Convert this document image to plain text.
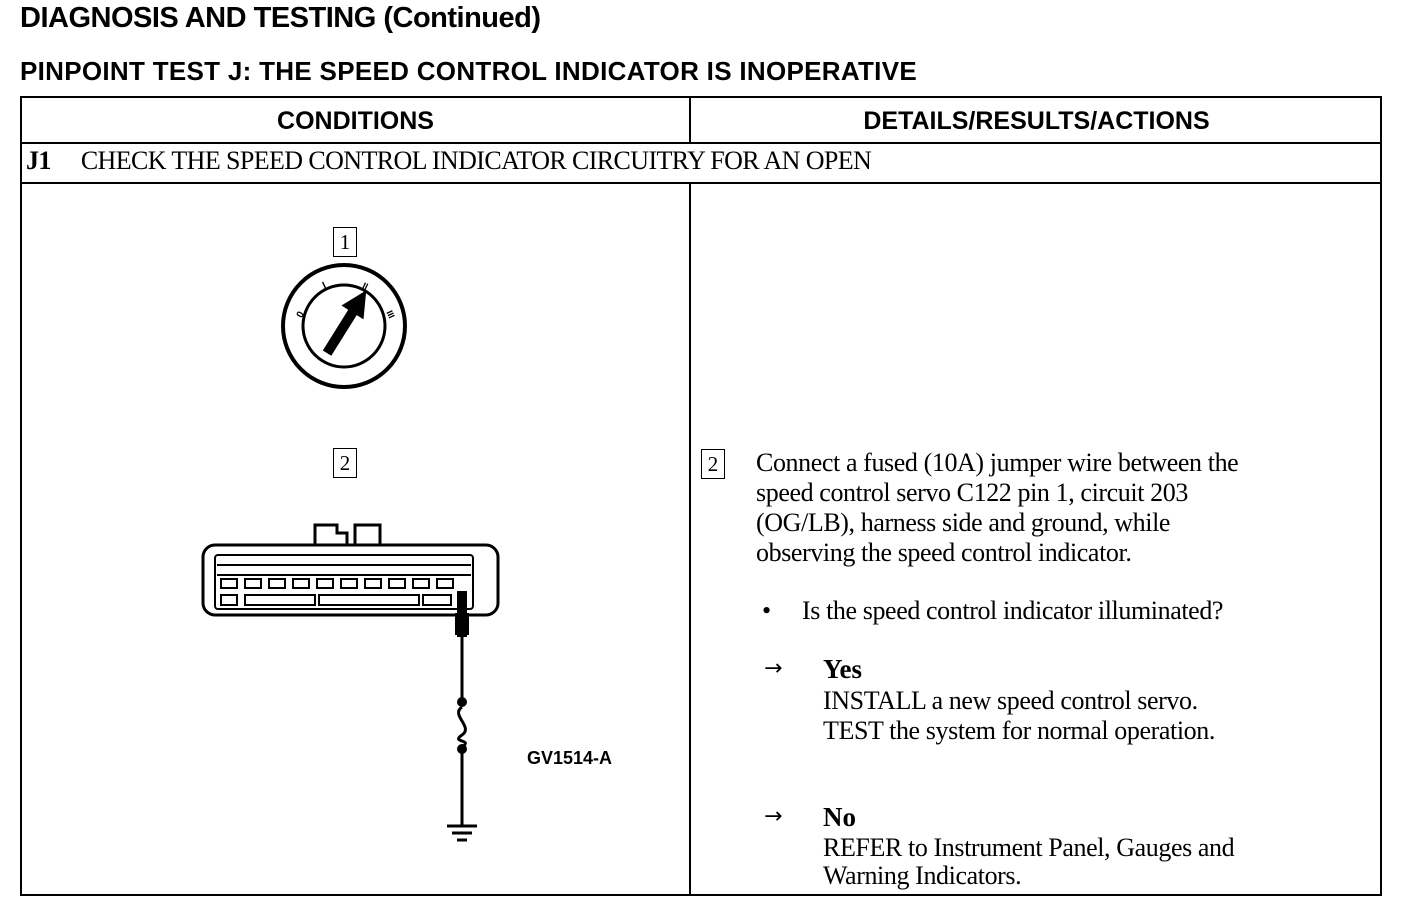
DIAGNOSIS AND TESTING (Continued)
PINPOINT TEST J: THE SPEED CONTROL INDICATOR IS INOPERATIVE
CONDITIONS	DETAILS/RESULTS/ACTIONS
J1 CHECK THE SPEED CONTROL INDICATOR CIRCUITRY FOR AN OPEN
1
0
I	II
III
2
GV1514-A
2 Connect a fused (10A) jumper wire between the
speed control servo C122 pin 1, circuit 203
(OG/LB), harness side and ground, while
observing the speed control indicator.
• Is the speed control indicator illuminated?
→ Yes
INSTALL a new speed control servo.
TEST the system for normal operation.
→ No
REFER to Instrument Panel, Gauges and
Warning Indicators.
